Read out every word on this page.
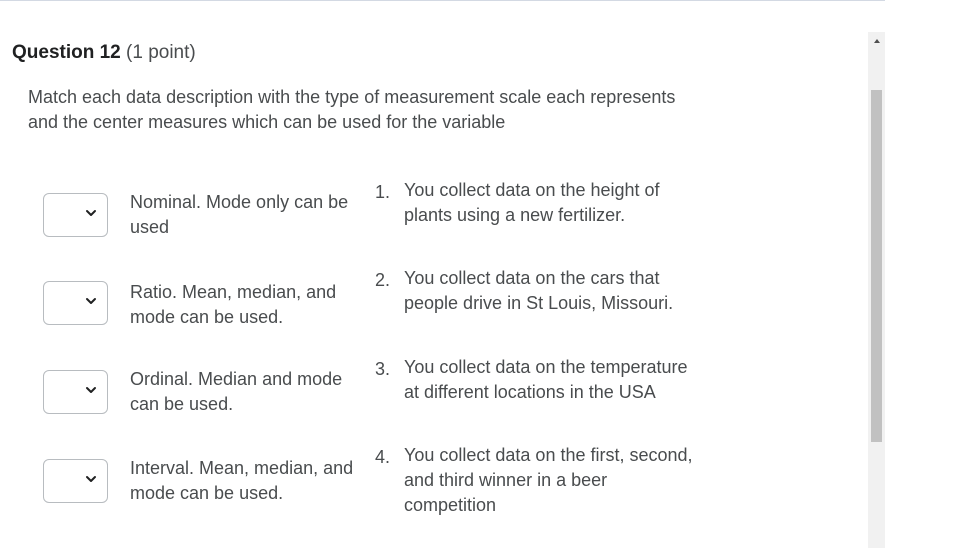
Question 12 (1 point)
Match each data description with the type of measurement scale each represents and the center measures which can be used for the variable
Nominal. Mode only can be used
Ratio. Mean, median, and mode can be used.
Ordinal. Median and mode can be used.
Interval. Mean, median, and mode can be used.
1. You collect data on the height of plants using a new fertilizer.
2. You collect data on the cars that people drive in St Louis, Missouri.
3. You collect data on the temperature at different locations in the USA
4. You collect data on the first, second, and third winner in a beer competition
